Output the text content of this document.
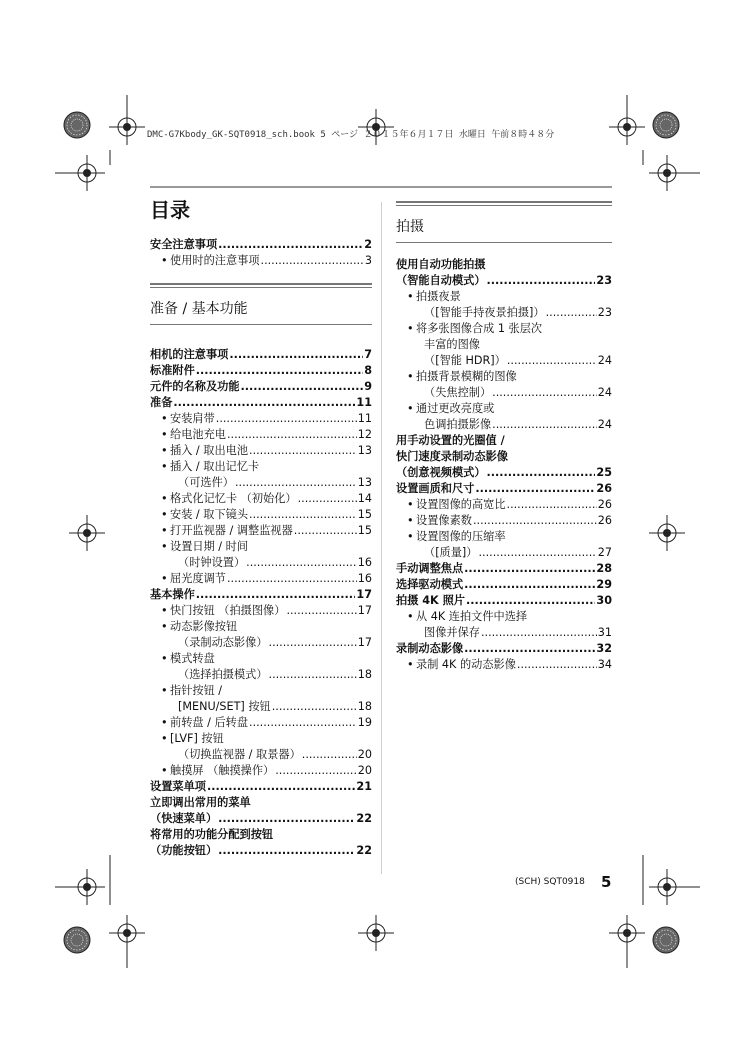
DMC-G7Kbody_GK-SQT0918_sch.book 5 ページ ２０１５年６月１７日 水曜日 午前８時４８分
目录
安全注意事项 .....	2
• 使用时的注意事项 .....	3
准备 / 基本功能
相机的注意事项 .....	7
标准附件 .....	8
元件的名称及功能 .....	9
准备 .....	11
• 安装肩带 .....	11
• 给电池充电 .....	12
• 插入 / 取出电池 .....	13
• 插入 / 取出记忆卡
（可选件） .....	13
• 格式化记忆卡 （初始化） .....	14
• 安装 / 取下镜头 .....	15
• 打开监视器 / 调整监视器 .....	15
• 设置日期 / 时间
（时钟设置） .....	16
• 屈光度调节 .....	16
基本操作 .....	17
• 快门按钮 （拍摄图像） .....	17
• 动态影像按钮
（录制动态影像） .....	17
• 模式转盘
（选择拍摄模式） .....	18
• 指针按钮 /
[MENU/SET] 按钮 .....	18
• 前转盘 / 后转盘 .....	19
• [LVF] 按钮
（切换监视器 / 取景器） .....	20
• 触摸屏 （触摸操作） .....	20
设置菜单项 .....	21
立即调出常用的菜单
（快速菜单） .....	22
将常用的功能分配到按钮
（功能按钮） .....	22
拍摄
使用自动功能拍摄
（智能自动模式） .....	23
• 拍摄夜景
（[智能手持夜景拍摄]） .....	23
• 将多张图像合成 1 张层次
丰富的图像
（[智能 HDR]） .....	24
• 拍摄背景模糊的图像
（失焦控制） .....	24
• 通过更改亮度或
色调拍摄影像 .....	24
用手动设置的光圈值 /
快门速度录制动态影像
（创意视频模式） .....	25
设置画质和尺寸 .....	26
• 设置图像的高宽比 .....	26
• 设置像素数 .....	26
• 设置图像的压缩率
（[质量]） .....	27
手动调整焦点 .....	28
选择驱动模式 .....	29
拍摄 4K 照片 .....	30
• 从 4K 连拍文件中选择
图像并保存 .....	31
录制动态影像 .....	32
• 录制 4K 的动态影像 .....	34
(SCH) SQT0918 5
